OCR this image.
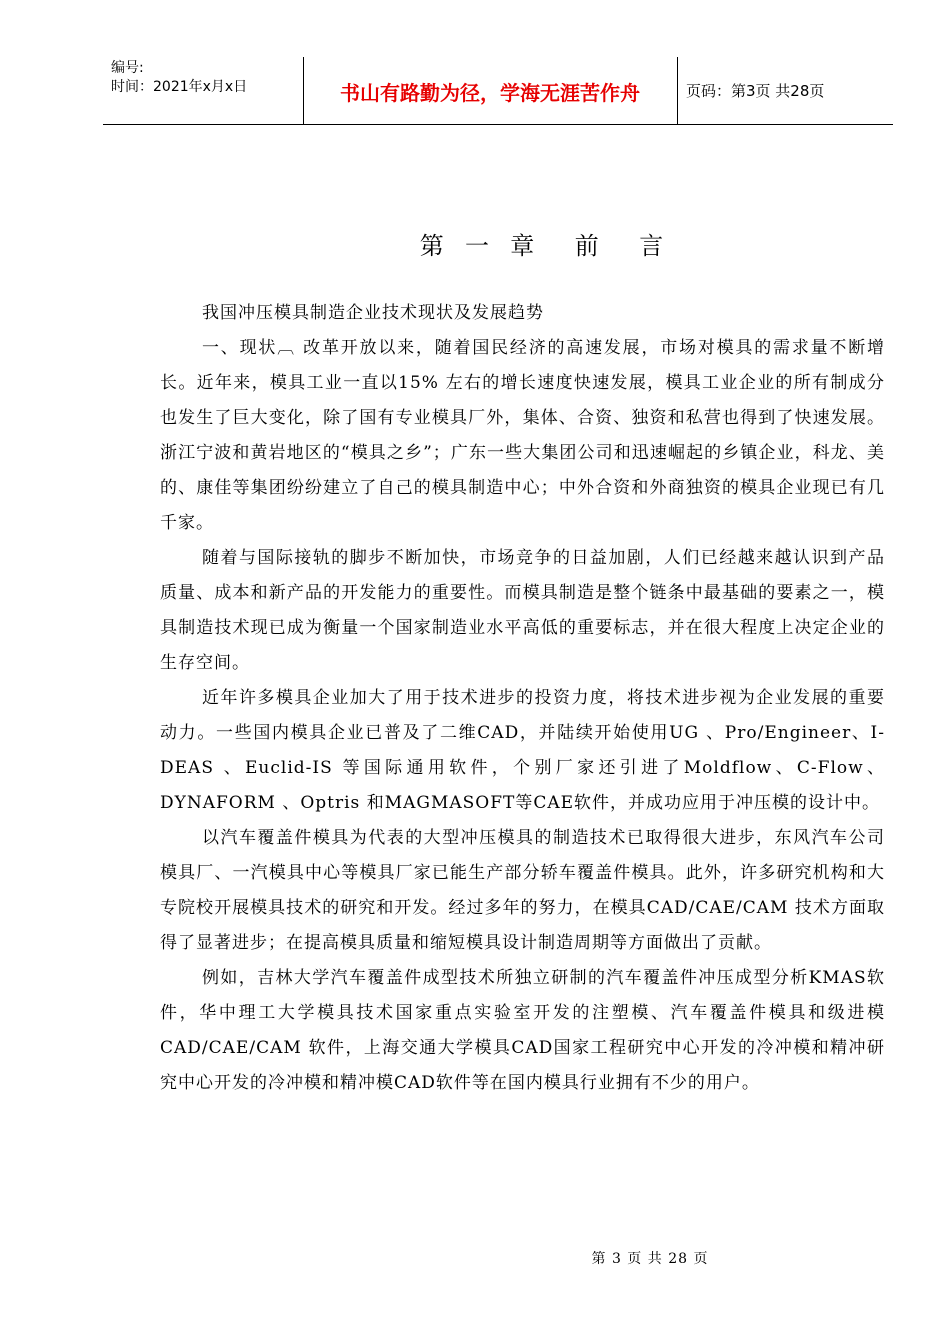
编号:
时间：2021年x月x日	书山有路勤为径，学海无涯苦作舟	页码：第3页 共28页
第  一  章    前    言

我国冲压模具制造企业技术现状及发展趋势

一、现状︹ 改革开放以来，随着国民经济的高速发展，市场对模具的需求量不断增长。近年来，模具工业一直以15% 左右的增长速度快速发展，模具工业企业的所有制成分也发生了巨大变化，除了国有专业模具厂外，集体、合资、独资和私营也得到了快速发展。浙江宁波和黄岩地区的“模具之乡”；广东一些大集团公司和迅速崛起的乡镇企业，科龙、美的、康佳等集团纷纷建立了自己的模具制造中心；中外合资和外商独资的模具企业现已有几千家。

随着与国际接轨的脚步不断加快，市场竞争的日益加剧，人们已经越来越认识到产品质量、成本和新产品的开发能力的重要性。而模具制造是整个链条中最基础的要素之一，模具制造技术现已成为衡量一个国家制造业水平高低的重要标志，并在很大程度上决定企业的生存空间。

近年许多模具企业加大了用于技术进步的投资力度，将技术进步视为企业发展的重要动力。一些国内模具企业已普及了二维CAD，并陆续开始使用UG 、Pro/Engineer、I-DEAS 、Euclid-IS 等国际通用软件，个别厂家还引进了Moldflow、C-Flow、DYNAFORM 、Optris 和MAGMASOFT等CAE软件，并成功应用于冲压模的设计中。

以汽车覆盖件模具为代表的大型冲压模具的制造技术已取得很大进步，东风汽车公司模具厂、一汽模具中心等模具厂家已能生产部分轿车覆盖件模具。此外，许多研究机构和大专院校开展模具技术的研究和开发。经过多年的努力，在模具CAD/CAE/CAM 技术方面取得了显著进步；在提高模具质量和缩短模具设计制造周期等方面做出了贡献。

例如，吉林大学汽车覆盖件成型技术所独立研制的汽车覆盖件冲压成型分析KMAS软件，华中理工大学模具技术国家重点实验室开发的注塑模、汽车覆盖件模具和级进模CAD/CAE/CAM 软件，上海交通大学模具CAD国家工程研究中心开发的冷冲模和精冲研究中心开发的冷冲模和精冲模CAD软件等在国内模具行业拥有不少的用户。

第 3 页 共 28 页
